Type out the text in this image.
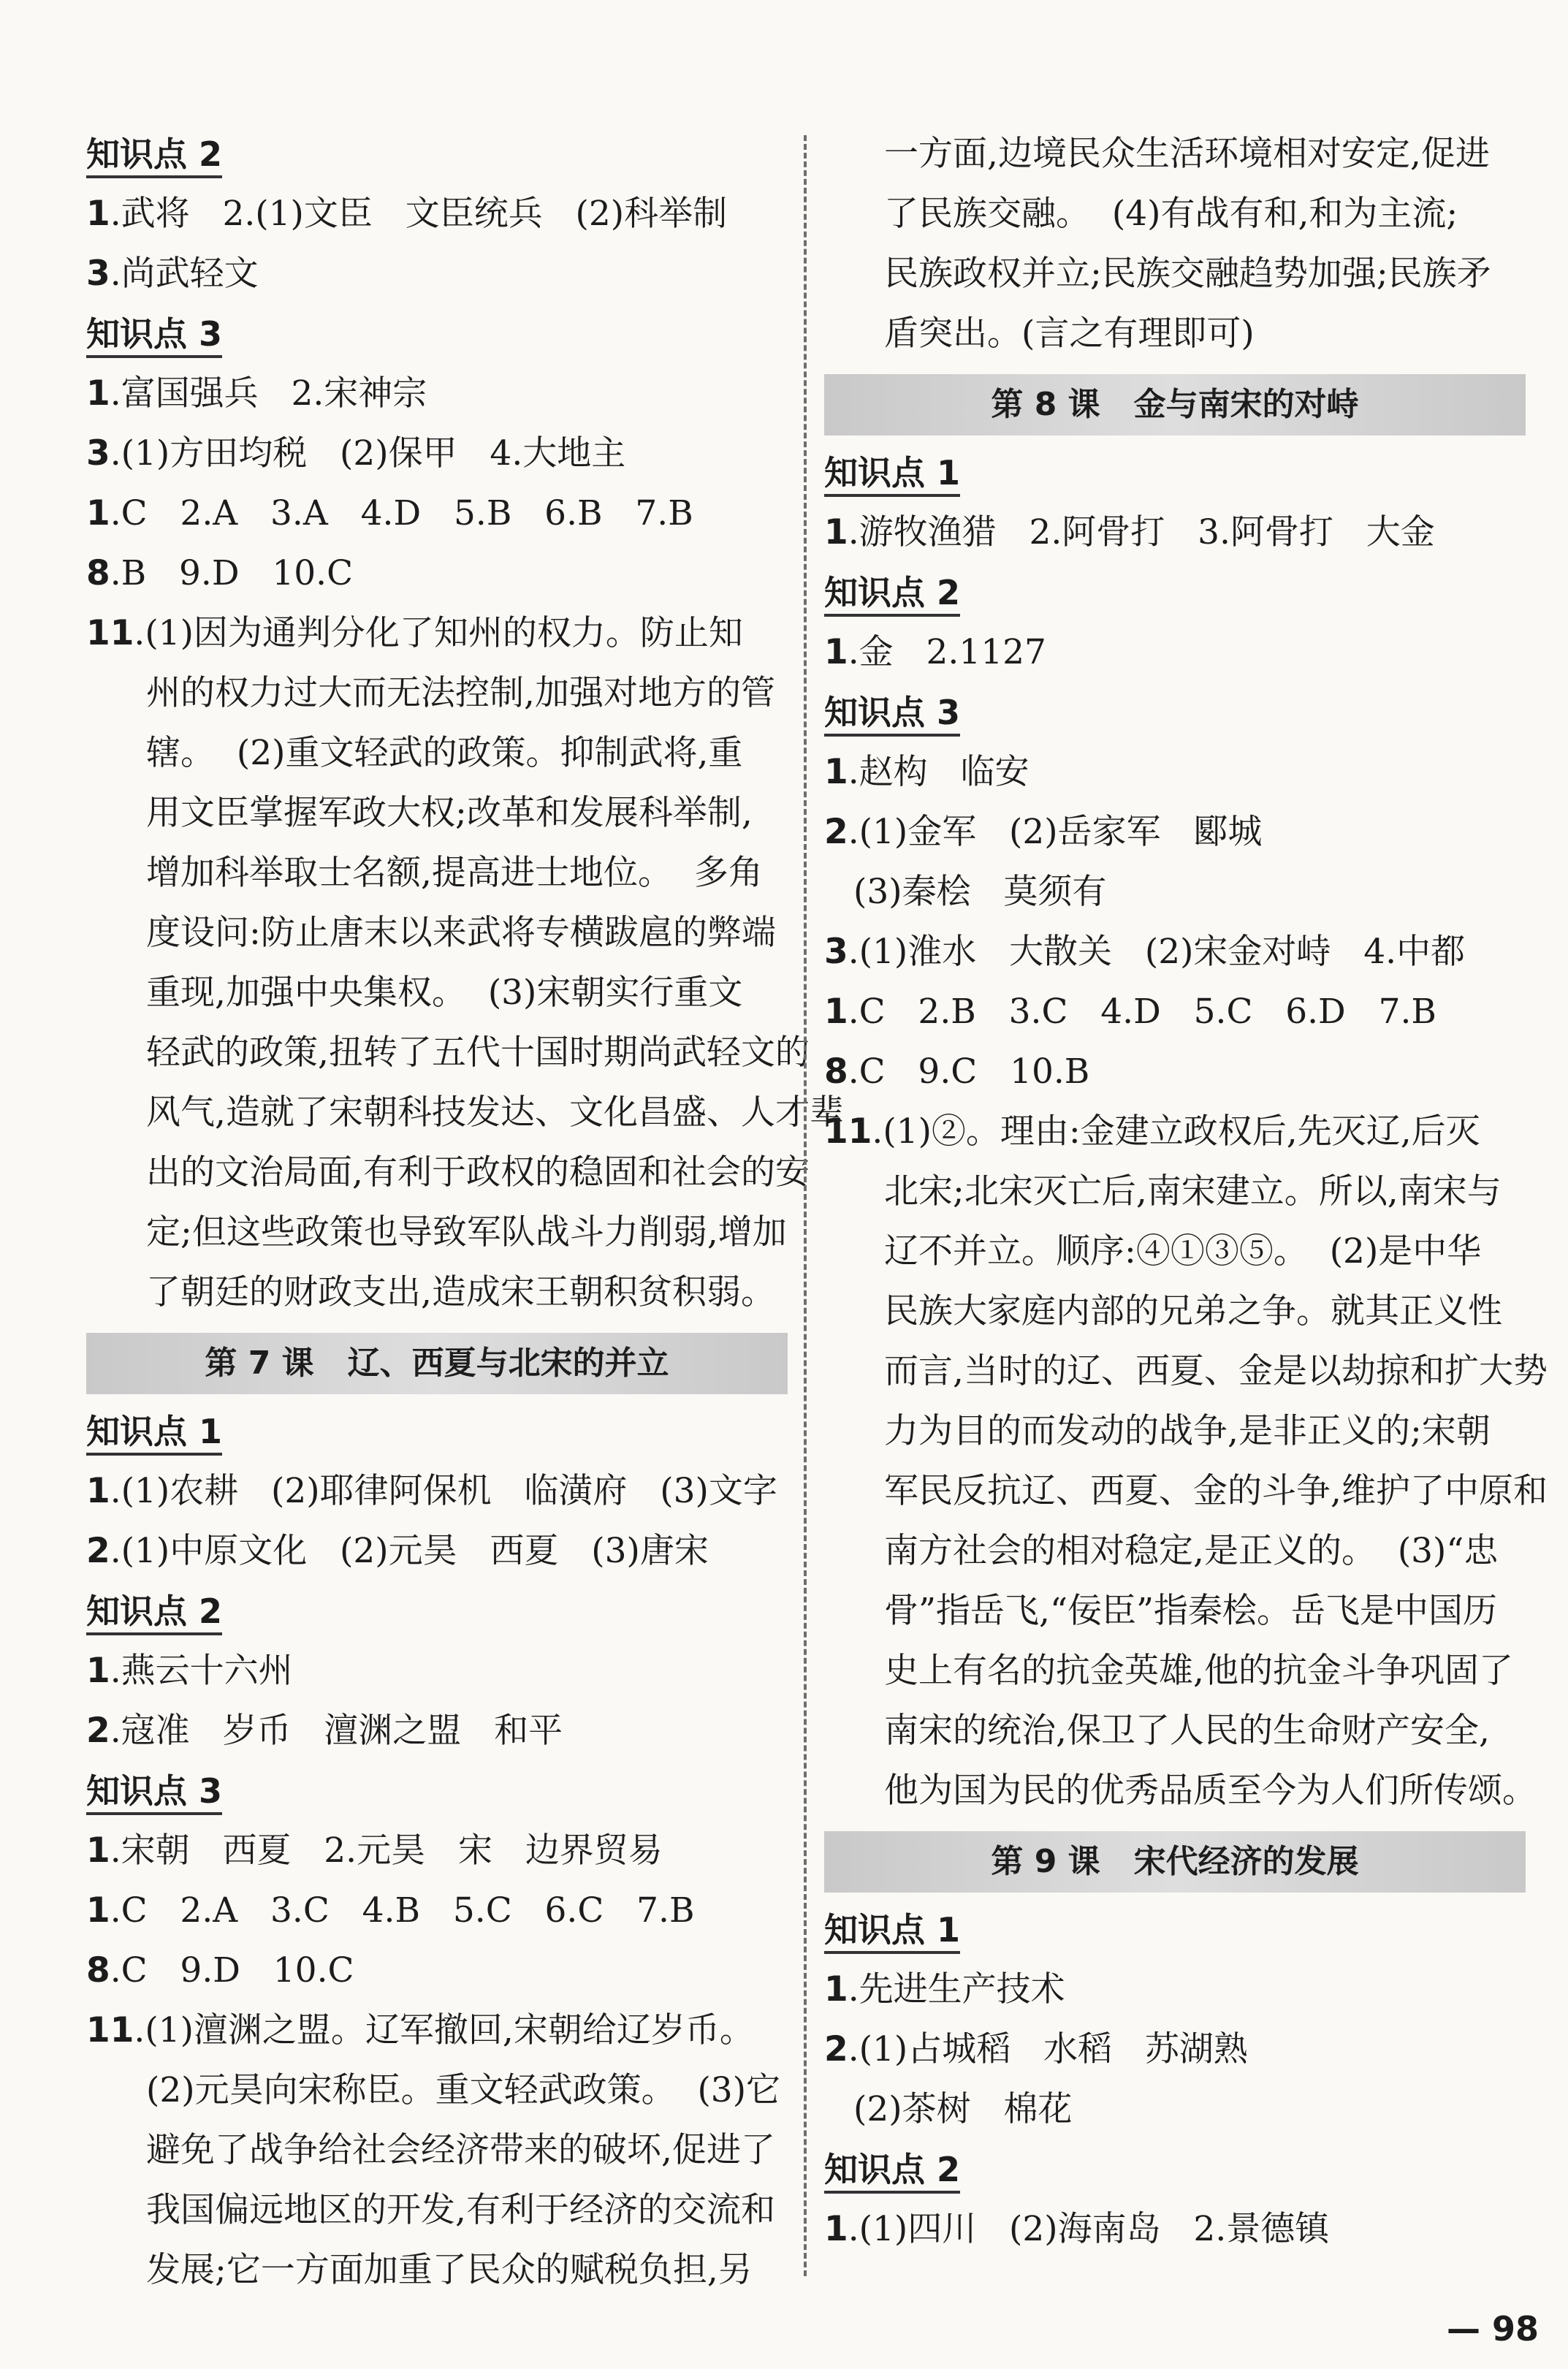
知识点 2
1.武将   2.(1)文臣   文臣统兵   (2)科举制
3.尚武轻文
知识点 3
1.富国强兵   2.宋神宗
3.(1)方田均税   (2)保甲   4.大地主
1.C   2.A   3.A   4.D   5.B   6.B   7.B
8.B   9.D   10.C
11.(1)因为通判分化了知州的权力。防止知
州的权力过大而无法控制,加强对地方的管
辖。  (2)重文轻武的政策。抑制武将,重
用文臣掌握军政大权;改革和发展科举制,
增加科举取士名额,提高进士地位。  多角
度设问:防止唐末以来武将专横跋扈的弊端
重现,加强中央集权。  (3)宋朝实行重文
轻武的政策,扭转了五代十国时期尚武轻文的
风气,造就了宋朝科技发达、文化昌盛、人才辈
出的文治局面,有利于政权的稳固和社会的安
定;但这些政策也导致军队战斗力削弱,增加
了朝廷的财政支出,造成宋王朝积贫积弱。
第 7 课   辽、西夏与北宋的并立
知识点 1
1.(1)农耕   (2)耶律阿保机   临潢府   (3)文字
2.(1)中原文化   (2)元昊   西夏   (3)唐宋
知识点 2
1.燕云十六州
2.寇准   岁币   澶渊之盟   和平
知识点 3
1.宋朝   西夏   2.元昊   宋   边界贸易
1.C   2.A   3.C   4.B   5.C   6.C   7.B
8.C   9.D   10.C
11.(1)澶渊之盟。辽军撤回,宋朝给辽岁币。
(2)元昊向宋称臣。重文轻武政策。  (3)它
避免了战争给社会经济带来的破坏,促进了
我国偏远地区的开发,有利于经济的交流和
发展;它一方面加重了民众的赋税负担,另
一方面,边境民众生活环境相对安定,促进
了民族交融。  (4)有战有和,和为主流;
民族政权并立;民族交融趋势加强;民族矛
盾突出。(言之有理即可)
第 8 课   金与南宋的对峙
知识点 1
1.游牧渔猎   2.阿骨打   3.阿骨打   大金
知识点 2
1.金   2.1127
知识点 3
1.赵构   临安
2.(1)金军   (2)岳家军   郾城
(3)秦桧   莫须有
3.(1)淮水   大散关   (2)宋金对峙   4.中都
1.C   2.B   3.C   4.D   5.C   6.D   7.B
8.C   9.C   10.B
11.(1)②。理由:金建立政权后,先灭辽,后灭
北宋;北宋灭亡后,南宋建立。所以,南宋与
辽不并立。顺序:④①③⑤。  (2)是中华
民族大家庭内部的兄弟之争。就其正义性
而言,当时的辽、西夏、金是以劫掠和扩大势
力为目的而发动的战争,是非正义的;宋朝
军民反抗辽、西夏、金的斗争,维护了中原和
南方社会的相对稳定,是正义的。  (3)“忠
骨”指岳飞,“佞臣”指秦桧。岳飞是中国历
史上有名的抗金英雄,他的抗金斗争巩固了
南宋的统治,保卫了人民的生命财产安全,
他为国为民的优秀品质至今为人们所传颂。
第 9 课   宋代经济的发展
知识点 1
1.先进生产技术
2.(1)占城稻   水稻   苏湖熟
(2)茶树   棉花
知识点 2
1.(1)四川   (2)海南岛   2.景德镇
— 98
